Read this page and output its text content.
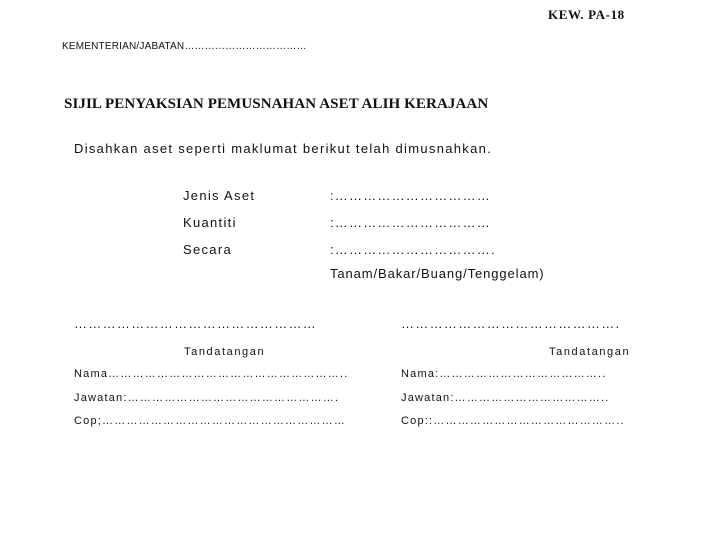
KEW. PA-18
KEMENTERIAN/JABATAN………………………………
SIJIL PENYAKSIAN PEMUSNAHAN ASET ALIH KERAJAAN
Disahkan aset seperti maklumat berikut telah dimusnahkan.
Jenis Aset	:……………………………
Kuantiti	:……………………………
Secara	:…………………………….
Tanam/Bakar/Buang/Tenggelam)
……………………………………………	……………………………………….
Tandatangan	Tandatangan
Nama…………………………………………………..	Nama:…………………………………..
Jawatan:…………………………………………….	Jawatan:………………………………..
Cop;……………………………………………………	Cop::………………………………………..
